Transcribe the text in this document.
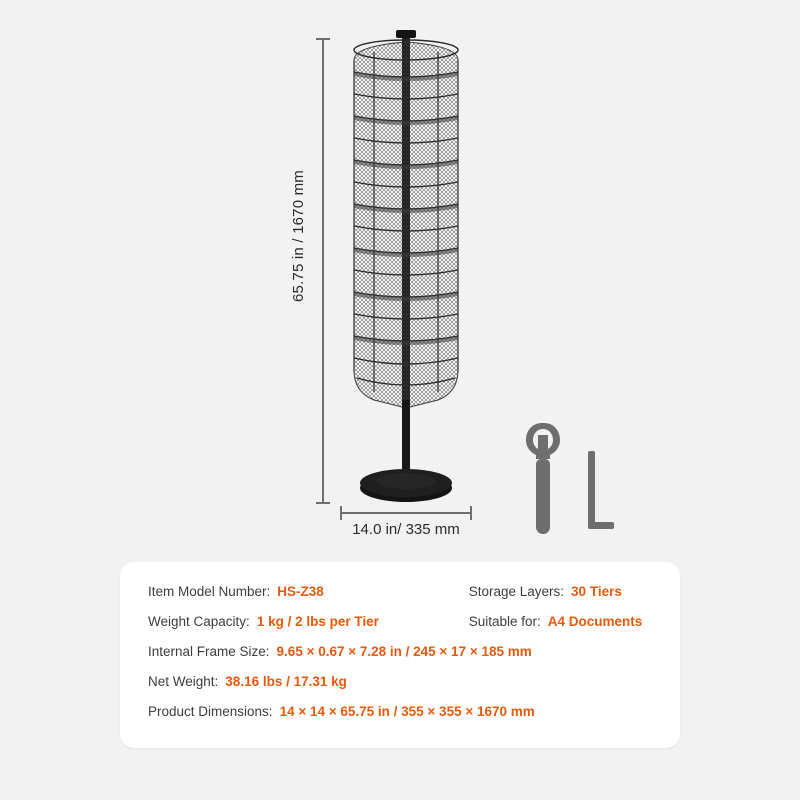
65.75 in / 1670 mm
14.0 in/ 335 mm
Item Model Number: HS-Z38	Storage Layers: 30 Tiers
Weight Capacity: 1 kg / 2 lbs per Tier	Suitable for: A4 Documents
Internal Frame Size: 9.65 × 0.67 × 7.28 in / 245 × 17 × 185 mm
Net Weight: 38.16 lbs / 17.31 kg
Product Dimensions: 14 × 14 × 65.75 in / 355 × 355 × 1670 mm
